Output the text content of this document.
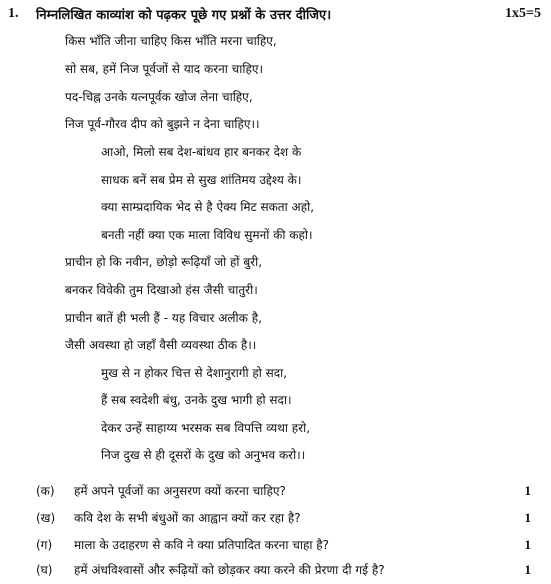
1. निम्नलिखित काव्यांश को पढ़कर पूछे गए प्रश्नों के उत्तर दीजिए।	1x5=5
किस भाँति जीना चाहिए किस भाँति मरना चाहिए,
सो सब, हमें निज पूर्वजों से याद करना चाहिए।
पद-चिह्न उनके यत्नपूर्वक खोज लेना चाहिए,
निज पूर्व-गौरव दीप को बुझने न देना चाहिए।।
आओ, मिलो सब देश-बांधव हार बनकर देश के
साधक बनें सब प्रेम से सुख शांतिमय उद्देश्य के।
क्या साम्प्रदायिक भेद से है ऐक्य मिट सकता अहो,
बनती नहीं क्या एक माला विविध सुमनों की कहो।
प्राचीन हो कि नवीन, छोड़ो रूढ़ियाँ जो हों बुरी,
बनकर विवेकी तुम दिखाओ हंस जैसी चातुरी।
प्राचीन बातें ही भली हैं - यह विचार अलीक है,
जैसी अवस्था हो जहाँ वैसी व्यवस्था ठीक है।।
मुख से न होकर चित्त से देशानुरागी हो सदा,
हैं सब स्वदेशी बंधु, उनके दुख भागी हो सदा।
देकर उन्हें साहाय्य भरसक सब विपत्ति व्यथा हरो,
निज दुख से ही दूसरों के दुख को अनुभव करो।।
(क) हमें अपने पूर्वजों का अनुसरण क्यों करना चाहिए?	1
(ख) कवि देश के सभी बंधुओं का आह्वान क्यों कर रहा है?	1
(ग) माला के उदाहरण से कवि ने क्या प्रतिपादित करना चाहा है?	1
(घ) हमें अंधविश्वासों और रूढ़ियों को छोड़कर क्या करने की प्रेरणा दी गई है?	1
